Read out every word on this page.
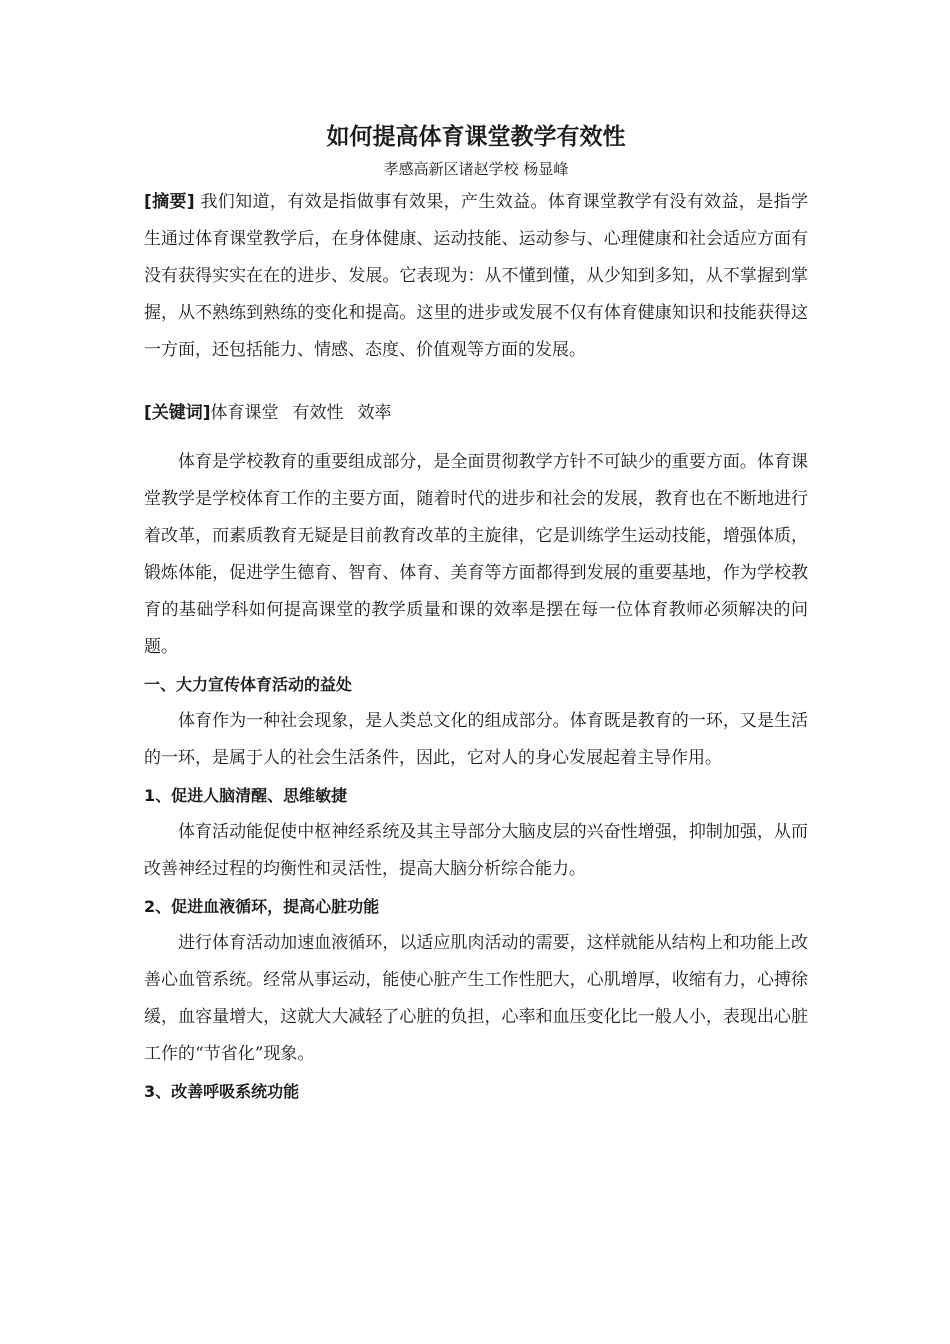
如何提高体育课堂教学有效性

孝感高新区诸赵学校 杨显峰

[摘要] 我们知道，有效是指做事有效果，产生效益。体育课堂教学有没有效益，是指学生通过体育课堂教学后，在身体健康、运动技能、运动参与、心理健康和社会适应方面有没有获得实实在在的进步、发展。它表现为：从不懂到懂，从少知到多知，从不掌握到掌握，从不熟练到熟练的变化和提高。这里的进步或发展不仅有体育健康知识和技能获得这一方面，还包括能力、情感、态度、价值观等方面的发展。

[关键词]体育课堂 有效性 效率

体育是学校教育的重要组成部分，是全面贯彻教学方针不可缺少的重要方面。体育课堂教学是学校体育工作的主要方面，随着时代的进步和社会的发展，教育也在不断地进行着改革，而素质教育无疑是目前教育改革的主旋律，它是训练学生运动技能，增强体质，锻炼体能，促进学生德育、智育、体育、美育等方面都得到发展的重要基地，作为学校教育的基础学科如何提高课堂的教学质量和课的效率是摆在每一位体育教师必须解决的问题。

一、大力宣传体育活动的益处

体育作为一种社会现象，是人类总文化的组成部分。体育既是教育的一环，又是生活的一环，是属于人的社会生活条件，因此，它对人的身心发展起着主导作用。

1、促进人脑清醒、思维敏捷

体育活动能促使中枢神经系统及其主导部分大脑皮层的兴奋性增强，抑制加强，从而改善神经过程的均衡性和灵活性，提高大脑分析综合能力。

2、促进血液循环，提高心脏功能

进行体育活动加速血液循环，以适应肌肉活动的需要，这样就能从结构上和功能上改善心血管系统。经常从事运动，能使心脏产生工作性肥大，心肌增厚，收缩有力，心搏徐缓，血容量增大，这就大大减轻了心脏的负担，心率和血压变化比一般人小，表现出心脏工作的“节省化”现象。

3、改善呼吸系统功能
